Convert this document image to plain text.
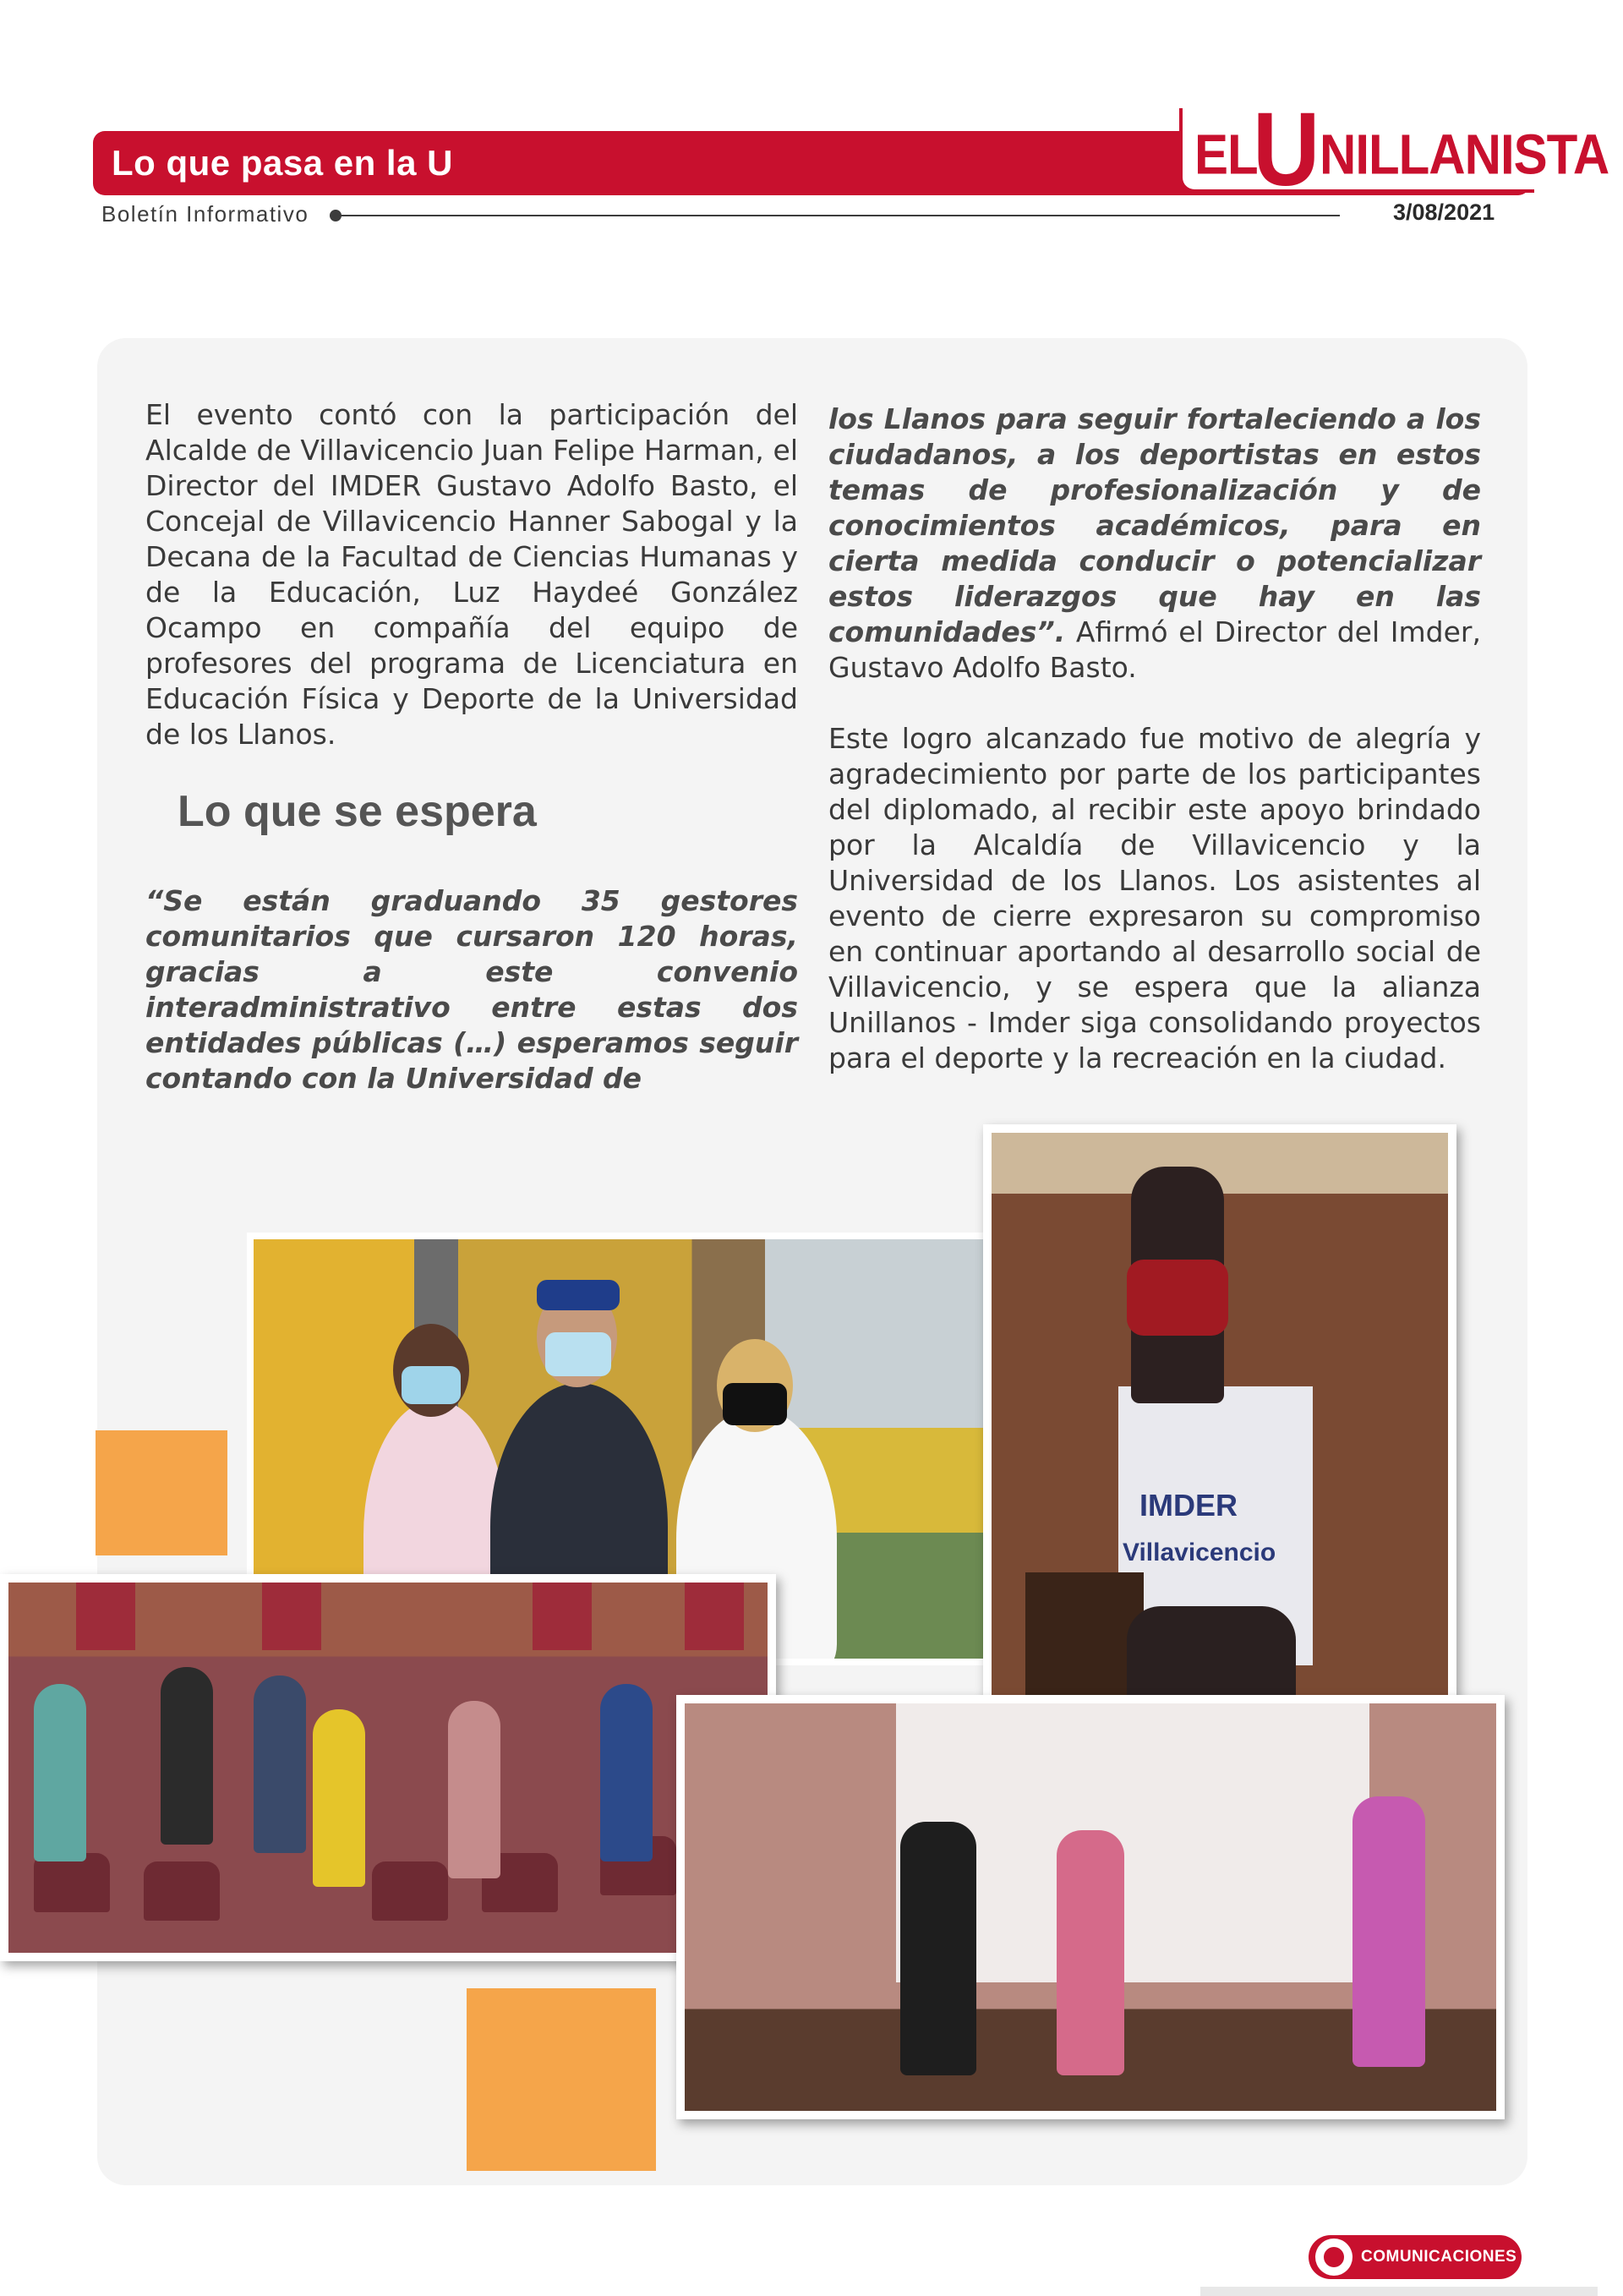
Lo que pasa en la U	EL
U NILLANISTA
Boletín Informativo	3/08/2021
El evento contó con la participación del Alcalde de Villavicencio Juan Felipe Harman, el Director del IMDER Gustavo Adolfo Basto, el Concejal de Villavicencio Hanner Sabogal y la Decana de la Facultad de Ciencias Humanas y de la Educación, Luz Haydeé González Ocampo en compañía del equipo de profesores del programa de Licenciatura en Educación Física y Deporte de la Universidad de los Llanos.
Lo que se espera
“Se están graduando 35 gestores comunitarios que cursaron 120 horas, gracias a este convenio interadministrativo entre estas dos entidades públicas (…) esperamos seguir contando con la Universidad de
los Llanos para seguir fortaleciendo a los ciudadanos, a los deportistas en estos temas de profesionalización y de conocimientos académicos, para en cierta medida conducir o potencializar estos liderazgos que hay en las comunidades”. Afirmó el Director del Imder, Gustavo Adolfo Basto.
Este logro alcanzado fue motivo de alegría y agradecimiento por parte de los participantes del diplomado, al recibir este apoyo brindado por la Alcaldía de Villavicencio y la Universidad de los Llanos. Los asistentes al evento de cierre expresaron su compromiso en continuar aportando al desarrollo social de Villavicencio, y se espera que la alianza Unillanos - Imder siga consolidando proyectos para el deporte y la recreación en la ciudad.
IMDER
Villavicencio
COMUNICACIONES
